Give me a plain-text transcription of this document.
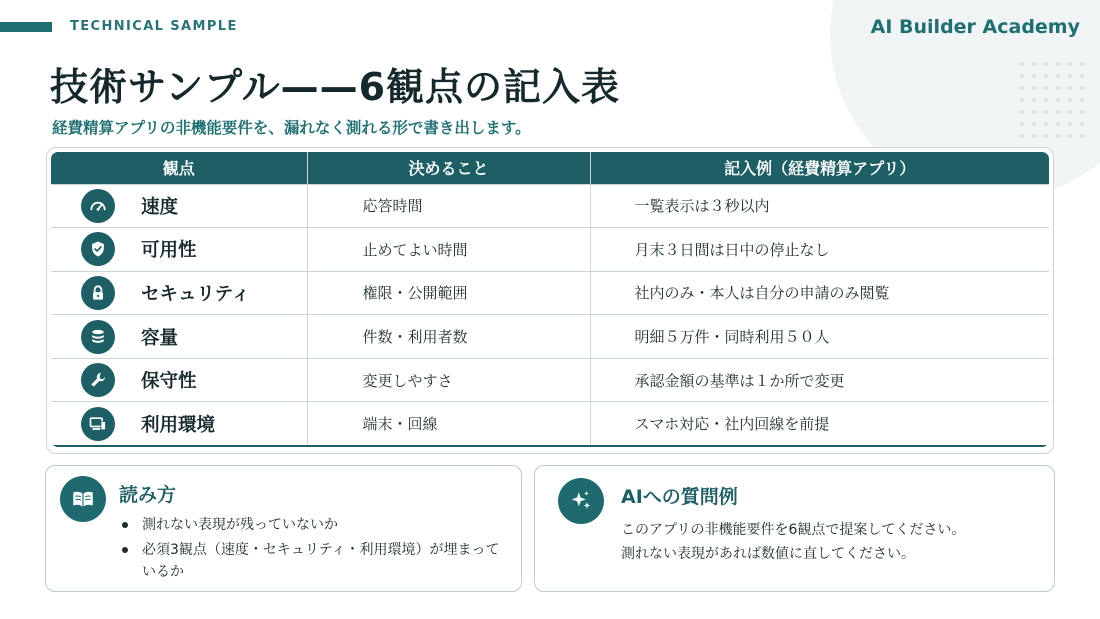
TECHNICAL SAMPLE	AI Builder Academy
技術サンプル——6観点の記入表

経費精算アプリの非機能要件を、漏れなく測れる形で書き出します。

観点	決めること	記入例（経費精算アプリ）

速度	応答時間	一覧表示は３秒以内

可用性	止めてよい時間	月末３日間は日中の停止なし

セキュリティ	権限・公開範囲	社内のみ・本人は自分の申請のみ閲覧

容量	件数・利用者数	明細５万件・同時利用５０人

保守性	変更しやすさ	承認金額の基準は１か所で変更

利用環境	端末・回線	スマホ対応・社内回線を前提
読み方
測れない表現が残っていないか
必須3観点（速度・セキュリティ・利用環境）が埋まっているか
AIへの質問例

このアプリの非機能要件を6観点で提案してください。

測れない表現があれば数値に直してください。
